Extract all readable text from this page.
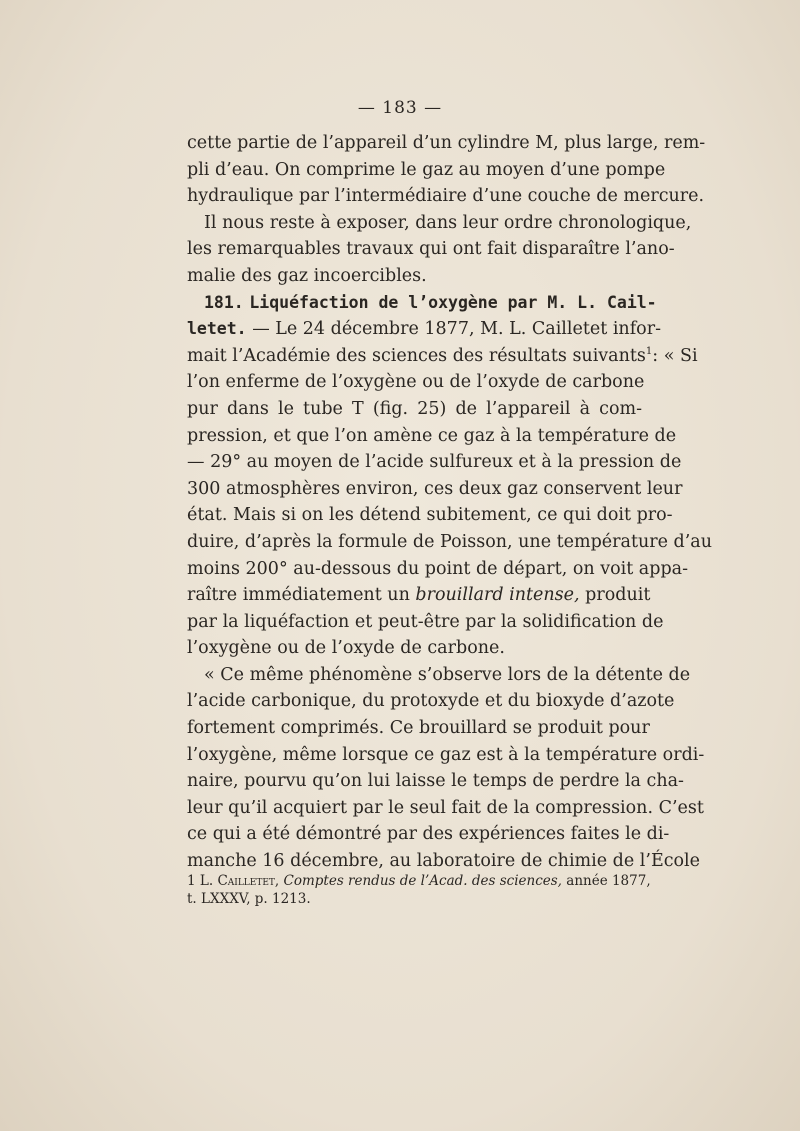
— 183 —
cette partie de l’appareil d’un cylindre M, plus large, rem-
pli d’eau. On comprime le gaz au moyen d’une pompe
hydraulique par l’intermédiaire d’une couche de mercure.
Il nous reste à exposer, dans leur ordre chronologique,
les remarquables travaux qui ont fait disparaître l’ano-
malie des gaz incoercibles.
181. Liquéfaction de l’oxygène par M. L. Cail-
letet. — Le 24 décembre 1877, M. L. Cailletet infor-
mait l’Académie des sciences des résultats suivants$^1$: « Si
l’on enferme de l’oxygène ou de l’oxyde de carbone
pur dans le tube T (fig. 25) de l’appareil à com-
pression, et que l’on amène ce gaz à la température de
— 29° au moyen de l’acide sulfureux et à la pression de
300 atmosphères environ, ces deux gaz conservent leur
état. Mais si on les détend subitement, ce qui doit pro-
duire, d’après la formule de Poisson, une température d’au
moins 200° au-dessous du point de départ, on voit appa-
raître immédiatement un brouillard intense, produit
par la liquéfaction et peut-être par la solidification de
l’oxygène ou de l’oxyde de carbone.
« Ce même phénomène s’observe lors de la détente de
l’acide carbonique, du protoxyde et du bioxyde d’azote
fortement comprimés. Ce brouillard se produit pour
l’oxygène, même lorsque ce gaz est à la température ordi-
naire, pourvu qu’on lui laisse le temps de perdre la cha-
leur qu’il acquiert par le seul fait de la compression. C’est
ce qui a été démontré par des expériences faites le di-
manche 16 décembre, au laboratoire de chimie de l’École
1 L. Cailletet, Comptes rendus de l’Acad. des sciences, année 1877,
t. LXXXV, p. 1213.
